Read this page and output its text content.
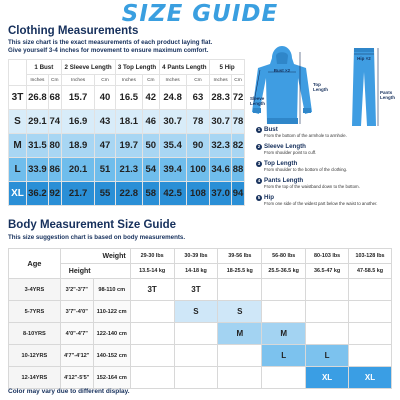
SIZE GUIDE
Clothing Measurements
This size chart is the exact measurements of each product laying flat.
Give yourself 3-4 inches for movement to ensure maximum comfort.
	1 Bust		2 Sleeve Length		3 Top Length		4 Pants Length		5 Hip	
	Inches	Cm	Inches	Cm	Inches	Cm	Inches	Cm	Inches	Cm
3T	26.8	68	15.7	40	16.5	42	24.8	63	28.3	72
S	29.1	74	16.9	43	18.1	46	30.7	78	30.7	78
M	31.5	80	18.9	47	19.7	50	35.4	90	32.3	82
L	33.9	86	20.1	51	21.3	54	39.4	100	34.6	88
XL	36.2	92	21.7	55	22.8	58	42.5	108	37.0	94
Bust ×2
Hip ×2
Sleeve
Length
Top
Length
Pants
Length
1 Bust
From the bottom of the armhole to armhole.
2 Sleeve Length
From shoulder point to cuff.
3 Top Length
From shoulder to the bottom of the clothing.
4 Pants Length
From the top of the waistband down to the bottom.
5 Hip
From one side of the widest part below the waist to another.
Body Measurement Size Guide
This size suggestion chart is based on body measurements.
Age	Weight		29-30 lbs	30-39 lbs	39-56 lbs	56-80 lbs	80-103 lbs	103-128 lbs
	Height		13.5-14 kg	14-18 kg	18-25.5 kg	25.5-36.5 kg	36.5-47 kg	47-58.5 kg
3-4YRS	3'2"-3'7"	98-110 cm	3T	3T				
5-7YRS	3'7"-4'0"	110-122 cm		S	S			
8-10YRS	4'0"-4'7"	122-140 cm			M	M		
10-12YRS	4'7"-4'12"	140-152 cm				L	L	
12-14YRS	4'12"-5'5"	152-164 cm					XL	XL
Color may vary due to different display.
